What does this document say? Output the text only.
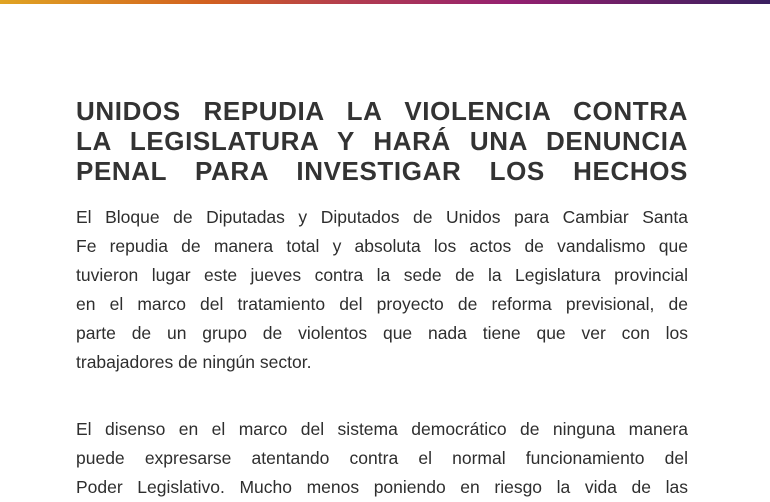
UNIDOS REPUDIA LA VIOLENCIA CONTRA
LA LEGISLATURA Y HARÁ UNA DENUNCIA
PENAL PARA INVESTIGAR LOS HECHOS

El Bloque de Diputadas y Diputados de Unidos para Cambiar Santa
Fe repudia de manera total y absoluta los actos de vandalismo que
tuvieron lugar este jueves contra la sede de la Legislatura provincial
en el marco del tratamiento del proyecto de reforma previsional, de
parte de un grupo de violentos que nada tiene que ver con los
trabajadores de ningún sector.

El disenso en el marco del sistema democrático de ninguna manera
puede expresarse atentando contra el normal funcionamiento del
Poder Legislativo. Mucho menos poniendo en riesgo la vida de las
